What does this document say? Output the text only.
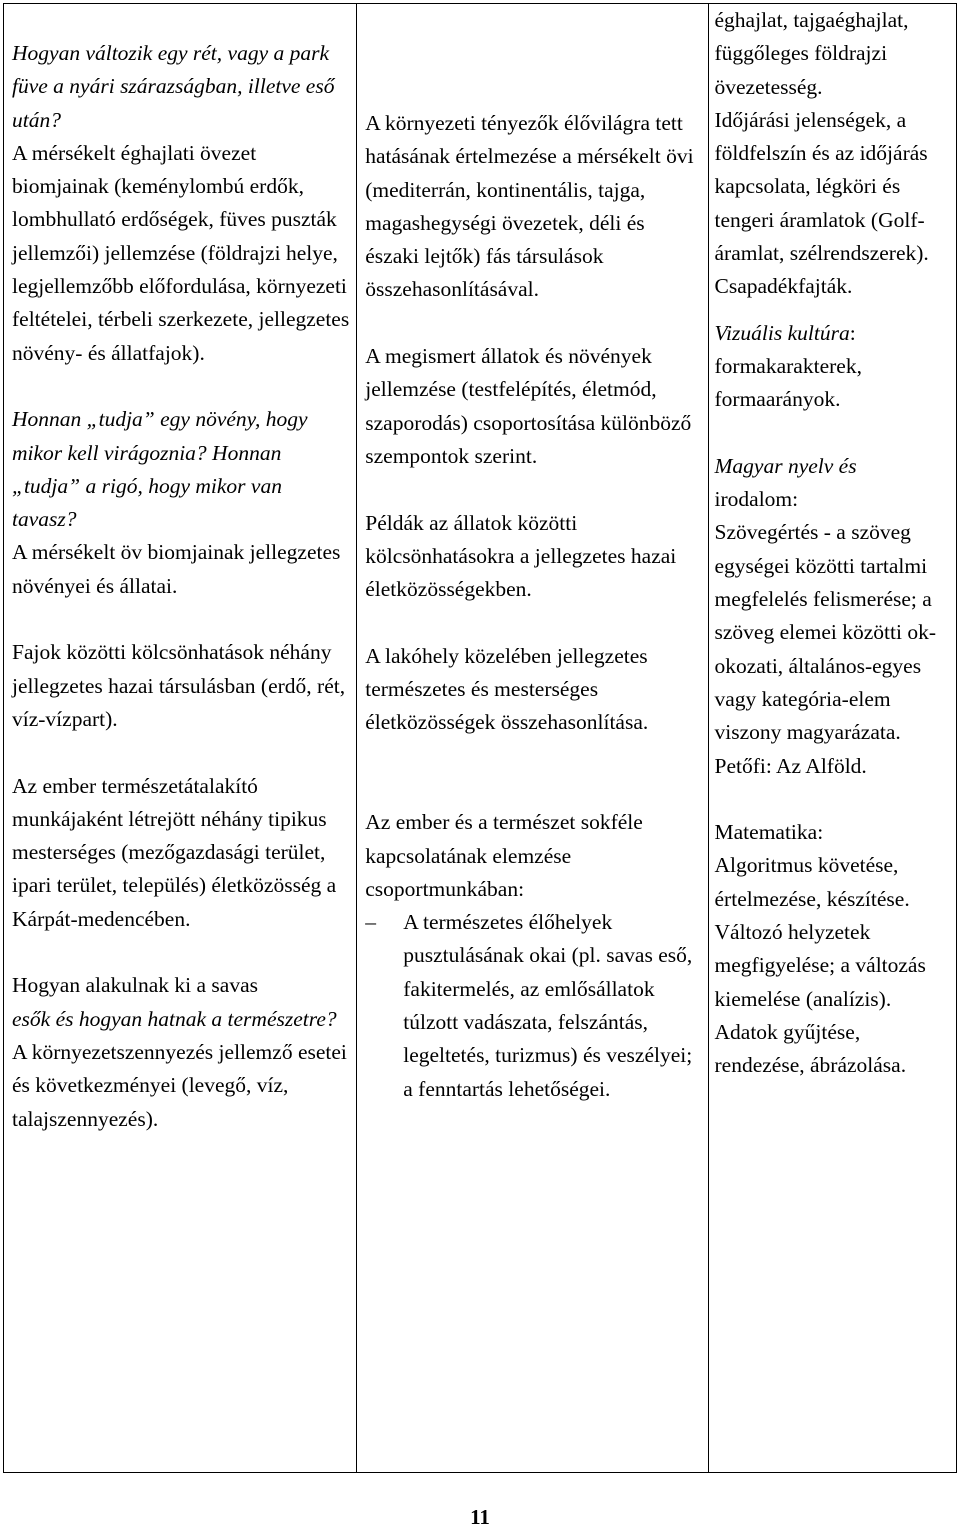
Hogyan változik egy rét, vagy a park füve a nyári szárazságban, illetve eső után?

A mérsékelt éghajlati övezet biomjainak (keménylombú erdők, lombhullató erdőségek, füves puszták jellemzői) jellemzése (földrajzi helye, legjellemzőbb előfordulása, környezeti feltételei, térbeli szerkezete, jellegzetes növény- és állatfajok).

Honnan „tudja” egy növény, hogy mikor kell virágoznia? Honnan „tudja” a rigó, hogy mikor van tavasz?

A mérsékelt öv biomjainak jellegzetes növényei és állatai.

Fajok közötti kölcsönhatások néhány jellegzetes hazai társulásban (erdő, rét, víz-vízpart).

Az ember természetátalakító munkájaként létrejött néhány tipikus mesterséges (mezőgazdasági terület, ipari terület, település) életközösség a Kárpát-medencében.

Hogyan alakulnak ki a savas

esők és hogyan hatnak a természetre?

A környezetszennyezés jellemző esetei és következményei (levegő, víz, talajszennyezés).

A környezeti tényezők élővilágra tett hatásának értelmezése a mérsékelt övi (mediterrán, kontinentális, tajga, magashegységi övezetek, déli és északi lejtők) fás társulások összehasonlításával.

A megismert állatok és növények jellemzése (testfelépítés, életmód, szaporodás) csoportosítása különböző szempontok szerint.

Példák az állatok közötti kölcsönhatásokra a jellegzetes hazai életközösségekben.

A lakóhely közelében jellegzetes természetes és mesterséges életközösségek összehasonlítása.

Az ember és a természet sokféle kapcsolatának elemzése csoportmunkában:

– A természetes élőhelyek pusztulásának okai (pl. savas eső, fakitermelés, az emlősállatok túlzott vadászata, felszántás, legeltetés, turizmus) és veszélyei; a fenntartás lehetőségei.

éghajlat, tajgaéghajlat, függőleges földrajzi övezetesség.

Időjárási jelenségek, a földfelszín és az időjárás kapcsolata, légköri és tengeri áramlatok (Golf-áramlat, szélrendszerek). Csapadékfajták.

Vizuális kultúra: formakarakterek, formaarányok.

Magyar nyelv és

irodalom:

Szövegértés - a szöveg egységei közötti tartalmi megfelelés felismerése; a szöveg elemei közötti ok-okozati, általános-egyes vagy kategória-elem viszony magyarázata.

Petőfi: Az Alföld.

Matematika:

Algoritmus követése, értelmezése, készítése. Változó helyzetek megfigyelése; a változás kiemelése (analízis). Adatok gyűjtése, rendezése, ábrázolása.

11
